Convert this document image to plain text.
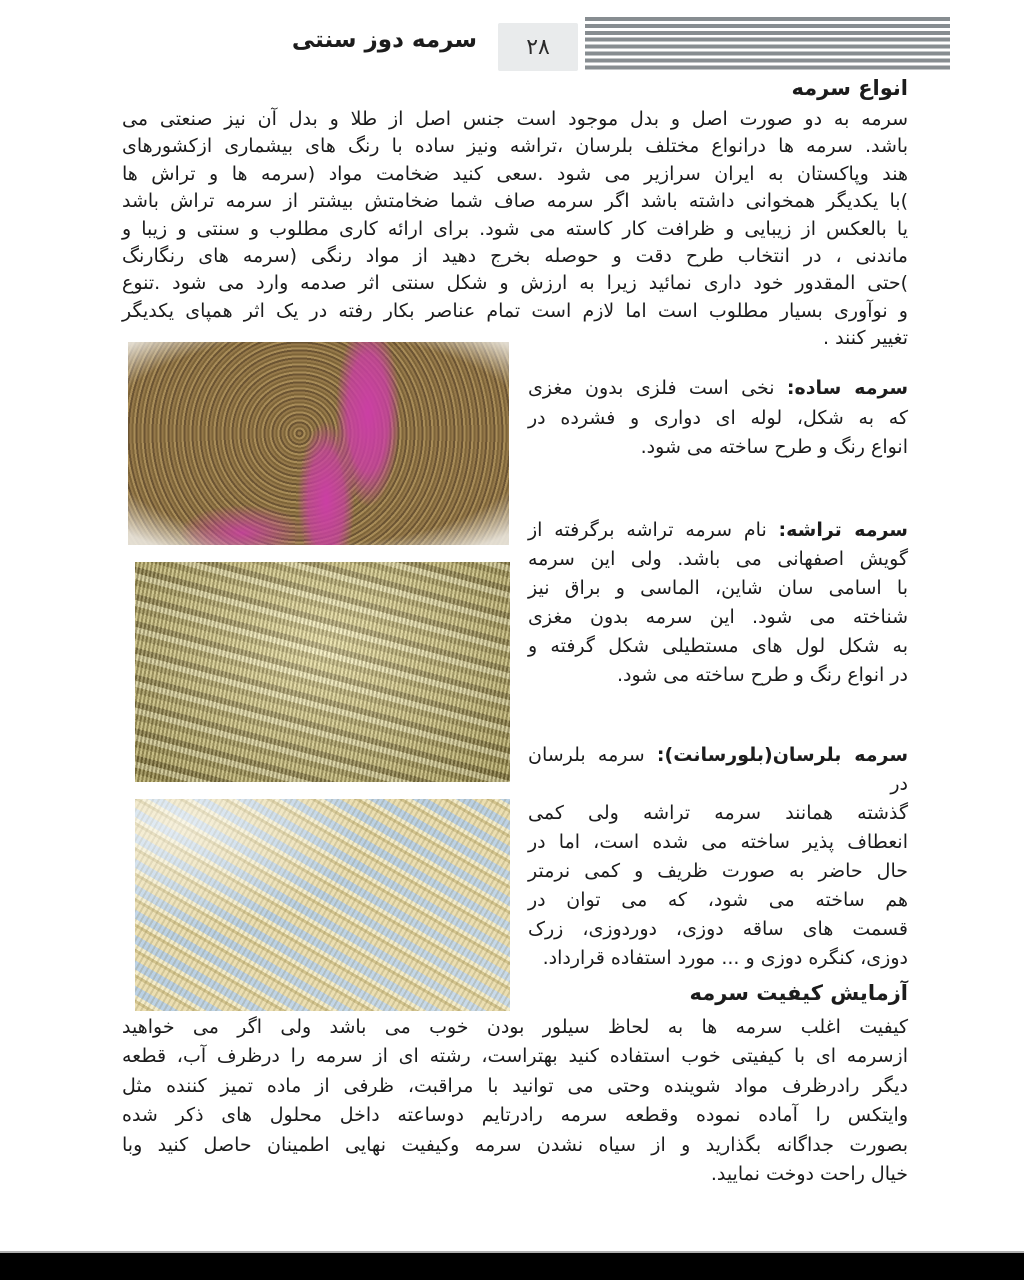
سرمه دوز سنتی ۲۸
انواع سرمه
سرمه به دو صورت اصل و بدل موجود است جنس اصل از طلا و بدل آن نیز صنعتی می
باشد. سرمه ها درانواع مختلف بلرسان ،تراشه ونیز ساده با رنگ های بیشماری ازکشورهای
هند وپاکستان به ایران سرازیر می شود .سعی کنید ضخامت مواد (سرمه ها و تراش ها
)با یکدیگر همخوانی داشته باشد اگر سرمه صاف شما ضخامتش بیشتر از سرمه تراش باشد
یا بالعکس از زیبایی و ظرافت کار کاسته می شود. برای ارائه کاری مطلوب و سنتی و زیبا و
ماندنی ، در انتخاب طرح دقت و حوصله بخرج دهید از مواد رنگی (سرمه های رنگارنگ
)حتی المقدور خود داری نمائید زیرا به ارزش و شکل سنتی اثر صدمه وارد می شود .تنوع
و نوآوری بسیار مطلوب است اما لازم است تمام عناصر بکار رفته در یک اثر همپای یکدیگر
تغییر کنند .
سرمه ساده: نخی است فلزی بدون مغزی
که به شکل، لوله ای دواری و فشرده در
انواع رنگ و طرح ساخته می شود.
سرمه تراشه: نام سرمه تراشه برگرفته از
گویش اصفهانی می باشد. ولی این سرمه
با اسامی سان شاین، الماسی و براق نیز
شناخته می شود. این سرمه بدون مغزی
به شکل لول های مستطیلی شکل گرفته و
در انواع رنگ و طرح ساخته می شود.
سرمه بلرسان(بلورسانت): سرمه بلرسان در
گذشته همانند سرمه تراشه ولی کمی
انعطاف پذیر ساخته می شده است، اما در
حال حاضر به صورت ظریف و کمی نرمتر
هم ساخته می شود، که می توان در
قسمت های ساقه دوزی، دوردوزی، زرک
دوزی، کنگره دوزی و ... مورد استفاده قرارداد.
آزمایش کیفیت سرمه
کیفیت اغلب سرمه ها به لحاظ سیلور بودن خوب می باشد ولی اگر می خواهید
ازسرمه ای با کیفیتی خوب استفاده کنید بهتراست، رشته ای از سرمه را درظرف آب، قطعه
دیگر رادرظرف مواد شوینده وحتی می توانید با مراقبت، ظرفی از ماده تمیز کننده مثل
وایتکس را آماده نموده وقطعه سرمه رادرتایم دوساعته داخل محلول های ذکر شده
بصورت جداگانه بگذارید و از سیاه نشدن سرمه وکیفیت نهایی اطمینان حاصل کنید وبا
خیال راحت دوخت نمایید.
